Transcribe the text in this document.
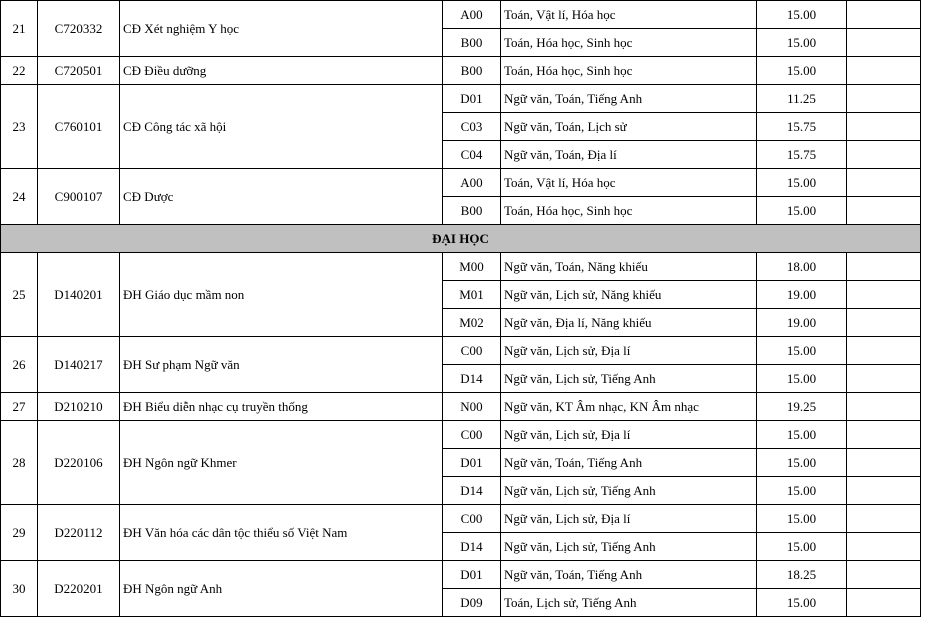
21	C720332	CĐ Xét nghiệm Y học	A00	Toán, Vật lí, Hóa học	15.00	
			B00	Toán, Hóa học, Sinh học	15.00	
22	C720501	CĐ Điều dưỡng	B00	Toán, Hóa học, Sinh học	15.00	
23	C760101	CĐ Công tác xã hội	D01	Ngữ văn, Toán, Tiếng Anh	11.25	
			C03	Ngữ văn, Toán, Lịch sử	15.75	
			C04	Ngữ văn, Toán, Địa lí	15.75	
24	C900107	CĐ Dược	A00	Toán, Vật lí, Hóa học	15.00	
			B00	Toán, Hóa học, Sinh học	15.00	
ĐẠI HỌC						
25	D140201	ĐH Giáo dục mầm non	M00	Ngữ văn, Toán, Năng khiếu	18.00	
			M01	Ngữ văn, Lịch sử, Năng khiếu	19.00	
			M02	Ngữ văn, Địa lí, Năng khiếu	19.00	
26	D140217	ĐH Sư phạm Ngữ văn	C00	Ngữ văn, Lịch sử, Địa lí	15.00	
			D14	Ngữ văn, Lịch sử, Tiếng Anh	15.00	
27	D210210	ĐH Biểu diễn nhạc cụ truyền thống	N00	Ngữ văn, KT Âm nhạc, KN Âm nhạc	19.25	
28	D220106	ĐH Ngôn ngữ Khmer	C00	Ngữ văn, Lịch sử, Địa lí	15.00	
			D01	Ngữ văn, Toán, Tiếng Anh	15.00	
			D14	Ngữ văn, Lịch sử, Tiếng Anh	15.00	
29	D220112	ĐH Văn hóa các dân tộc thiểu số Việt Nam	C00	Ngữ văn, Lịch sử, Địa lí	15.00	
			D14	Ngữ văn, Lịch sử, Tiếng Anh	15.00	
30	D220201	ĐH Ngôn ngữ Anh	D01	Ngữ văn, Toán, Tiếng Anh	18.25	
			D09	Toán, Lịch sử, Tiếng Anh	15.00	
